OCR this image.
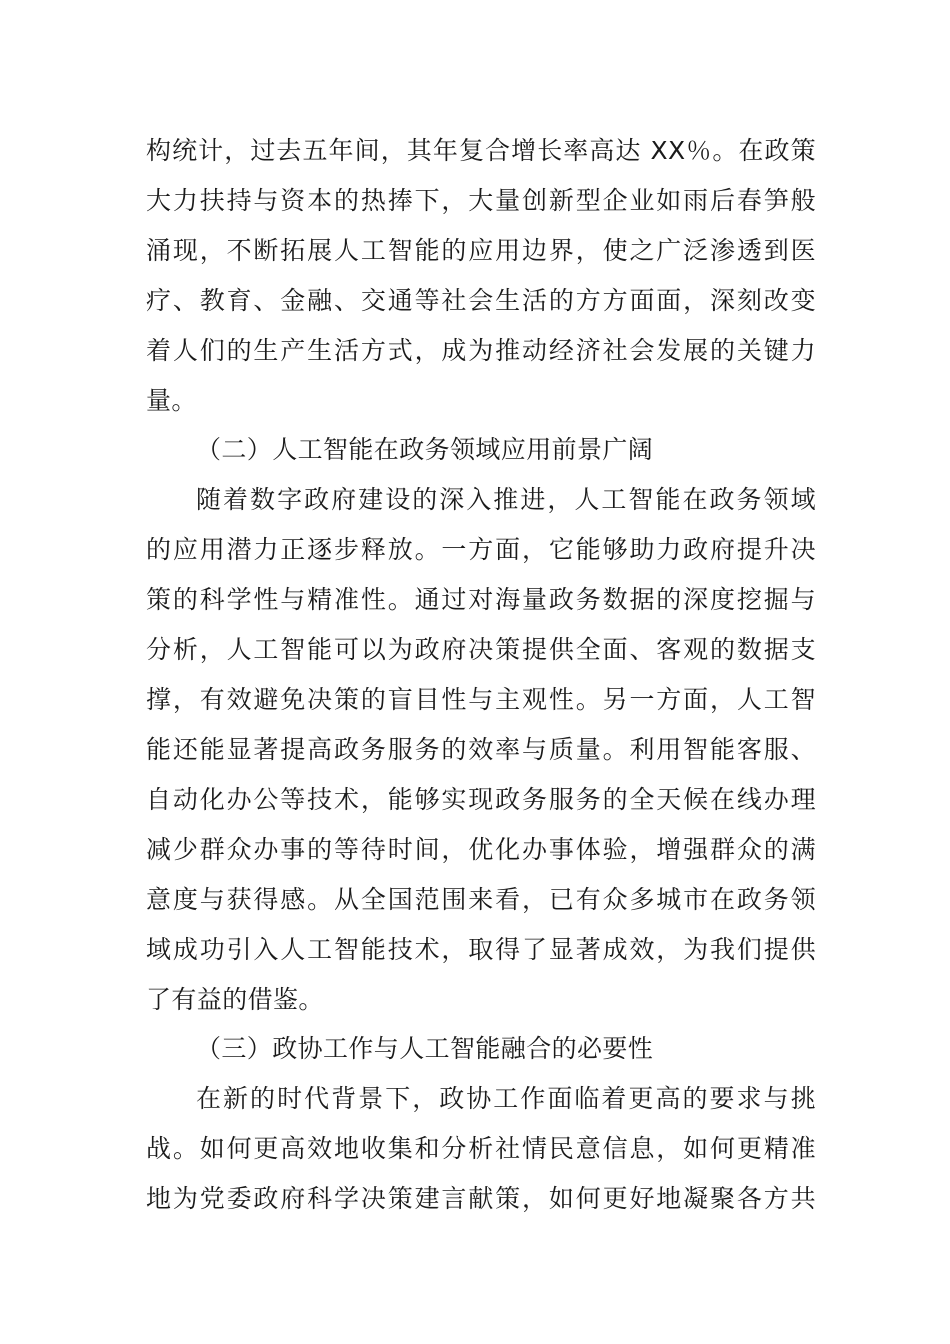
构统计，过去五年间，其年复合增长率高达 XX％。在政策
大力扶持与资本的热捧下，大量创新型企业如雨后春笋般
涌现，不断拓展人工智能的应用边界，使之广泛渗透到医
疗、教育、金融、交通等社会生活的方方面面，深刻改变
着人们的生产生活方式，成为推动经济社会发展的关键力
量。
（二）人工智能在政务领域应用前景广阔
随着数字政府建设的深入推进，人工智能在政务领域
的应用潜力正逐步释放。一方面，它能够助力政府提升决
策的科学性与精准性。通过对海量政务数据的深度挖掘与
分析，人工智能可以为政府决策提供全面、客观的数据支
撑，有效避免决策的盲目性与主观性。另一方面，人工智
能还能显著提高政务服务的效率与质量。利用智能客服、
自动化办公等技术，能够实现政务服务的全天候在线办理
减少群众办事的等待时间，优化办事体验，增强群众的满
意度与获得感。从全国范围来看，已有众多城市在政务领
域成功引入人工智能技术，取得了显著成效，为我们提供
了有益的借鉴。
（三）政协工作与人工智能融合的必要性
在新的时代背景下，政协工作面临着更高的要求与挑
战。如何更高效地收集和分析社情民意信息，如何更精准
地为党委政府科学决策建言献策，如何更好地凝聚各方共
